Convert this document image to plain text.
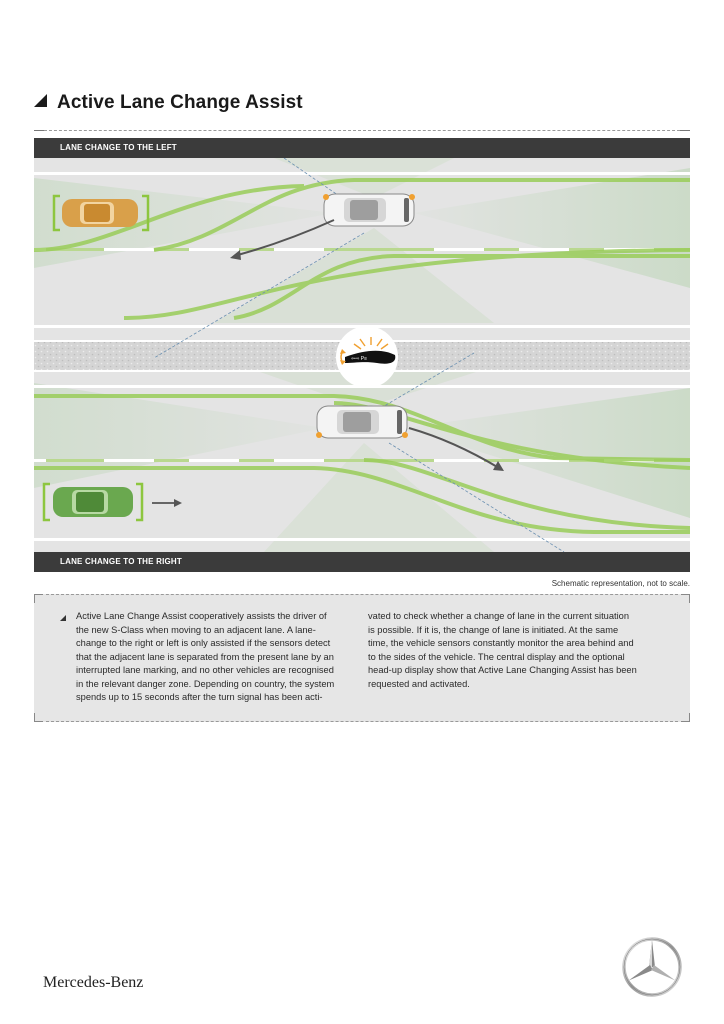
Active Lane Change Assist
LANE CHANGE TO THE LEFT
⇦⇨ P≡
LANE CHANGE TO THE RIGHT
Schematic representation, not to scale.
Active Lane Change Assist cooperatively assists the driver of
the new S-Class when moving to an adjacent lane. A lane-
change to the right or left is only assisted if the sensors detect
that the adjacent lane is separated from the present lane by an
interrupted lane marking, and no other vehicles are recognised
in the relevant danger zone. Depending on country, the system
spends up to 15 seconds after the turn signal has been acti-
vated to check whether a change of lane in the current situation
is possible. If it is, the change of lane is initiated. At the same
time, the vehicle sensors constantly monitor the area behind and
to the sides of the vehicle. The central display and the optional
head-up display show that Active Lane Changing Assist has been
requested and activated.
Mercedes-Benz
